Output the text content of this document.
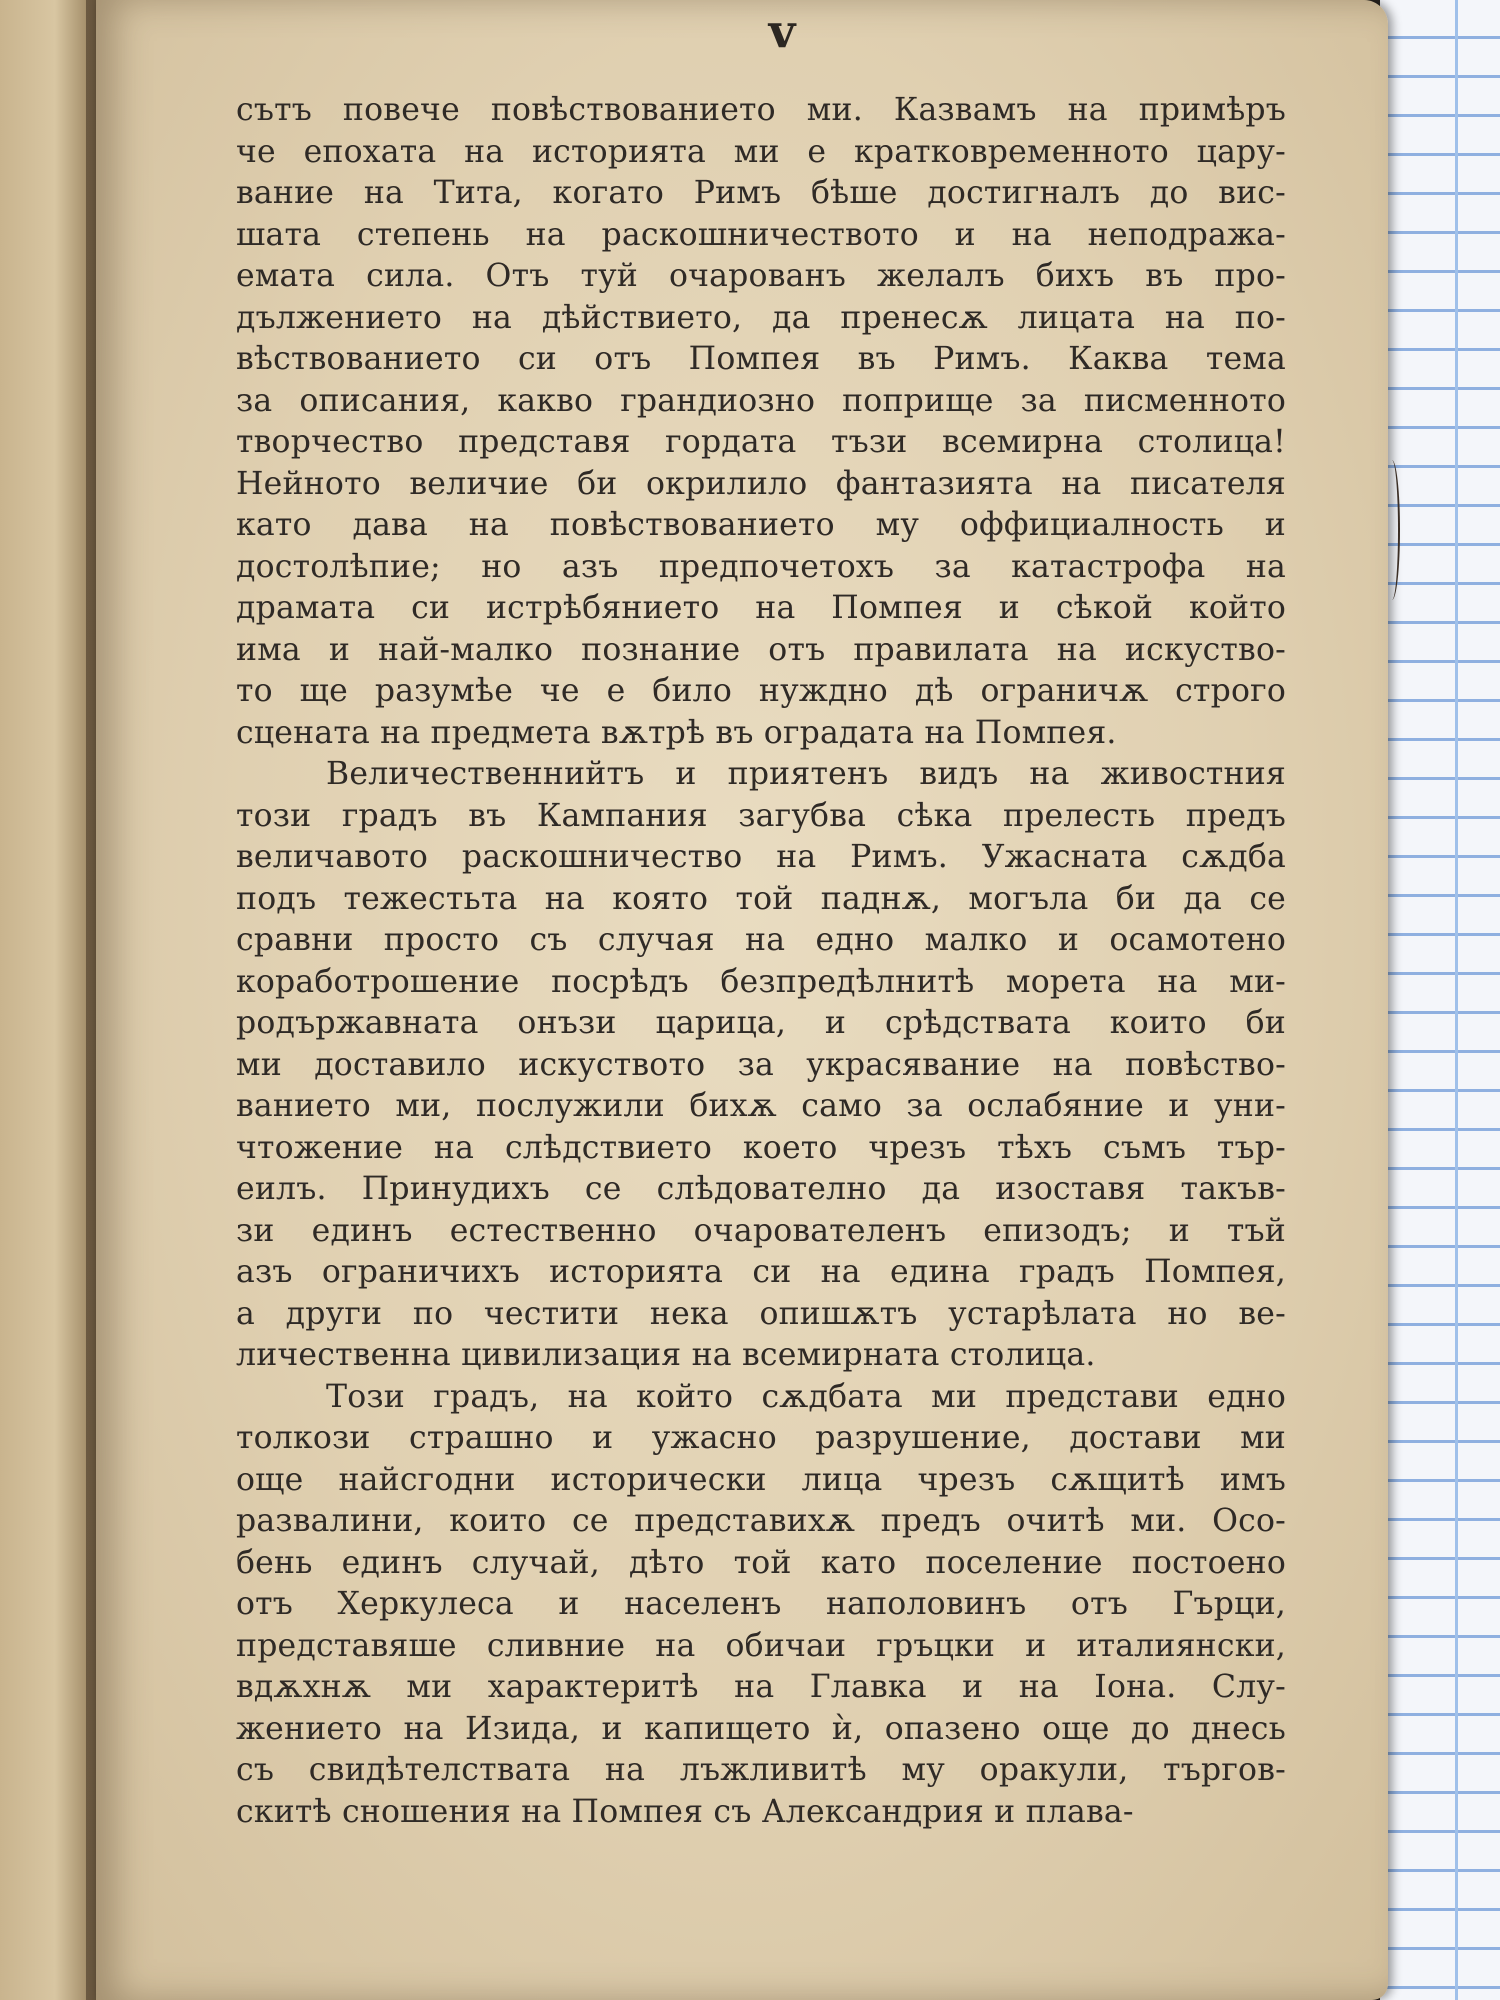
v
сътъ повече повѣствованието ми. Казвамъ на примѣръ
че епохата на историята ми е кратковременното цару-
вание на Тита, когато Римъ бѣше достигналъ до вис-
шата степень на раскошничеството и на неподража-
емата сила. Отъ туй очарованъ желалъ бихъ въ про-
дължението на дѣйствието, да пренесѫ лицата на по-
вѣствованието си отъ Помпея въ Римъ. Каква тема
за описания, какво грандиозно поприще за писменното
творчество представя гордата тъзи всемирна столица!
Нейното величие би окрилило фантазията на писателя
като дава на повѣствованието му оффициалность и
достолѣпие; но азъ предпочетохъ за катастрофа на
драмата си истрѣбянието на Помпея и сѣкой който
има и най-малко познание отъ правилата на искуство-
то ще разумѣе че е било нуждно дѣ ограничѫ строго
сцената на предмета вѫтрѣ въ оградата на Помпея.
Величественнийтъ и приятенъ видъ на живостния
този градъ въ Кампания загубва сѣка прелесть предъ
величавото раскошничество на Римъ. Ужасната сѫдба
подъ тежестьта на която той паднѫ, могъла би да се
сравни просто съ случая на едно малко и осамотено
коработрошение посрѣдъ безпредѣлнитѣ морета на ми-
родържавната онъзи царица, и срѣдствата които би
ми доставило искуството за украсявание на повѣство-
ванието ми, послужили бихѫ само за ослабяние и уни-
чтожение на слѣдствието което чрезъ тѣхъ съмъ тър-
еилъ. Принудихъ се слѣдователно да изоставя такъв-
зи единъ естественно очарователенъ епизодъ; и тъй
азъ ограничихъ историята си на едина градъ Помпея,
а други по честити нека опишѫтъ устарѣлата но ве-
личественна цивилизация на всемирната столица.
Този градъ, на който сѫдбата ми представи едно
толкози страшно и ужасно разрушение, достави ми
още найсгодни исторически лица чрезъ сѫщитѣ имъ
развалини, които се представихѫ предъ очитѣ ми. Осо-
бень единъ случай, дѣто той като поселение постоено
отъ Херкулеса и населенъ наполовинъ отъ Гърци,
представяше сливние на обичаи гръцки и италиянски,
вдѫхнѫ ми характеритѣ на Главка и на Іона. Слу-
жението на Изида, и капището ѝ, опазено още до днесь
съ свидѣтелствата на лъжливитѣ му оракули, търгов-
скитѣ сношения на Помпея съ Александрия и плава-
